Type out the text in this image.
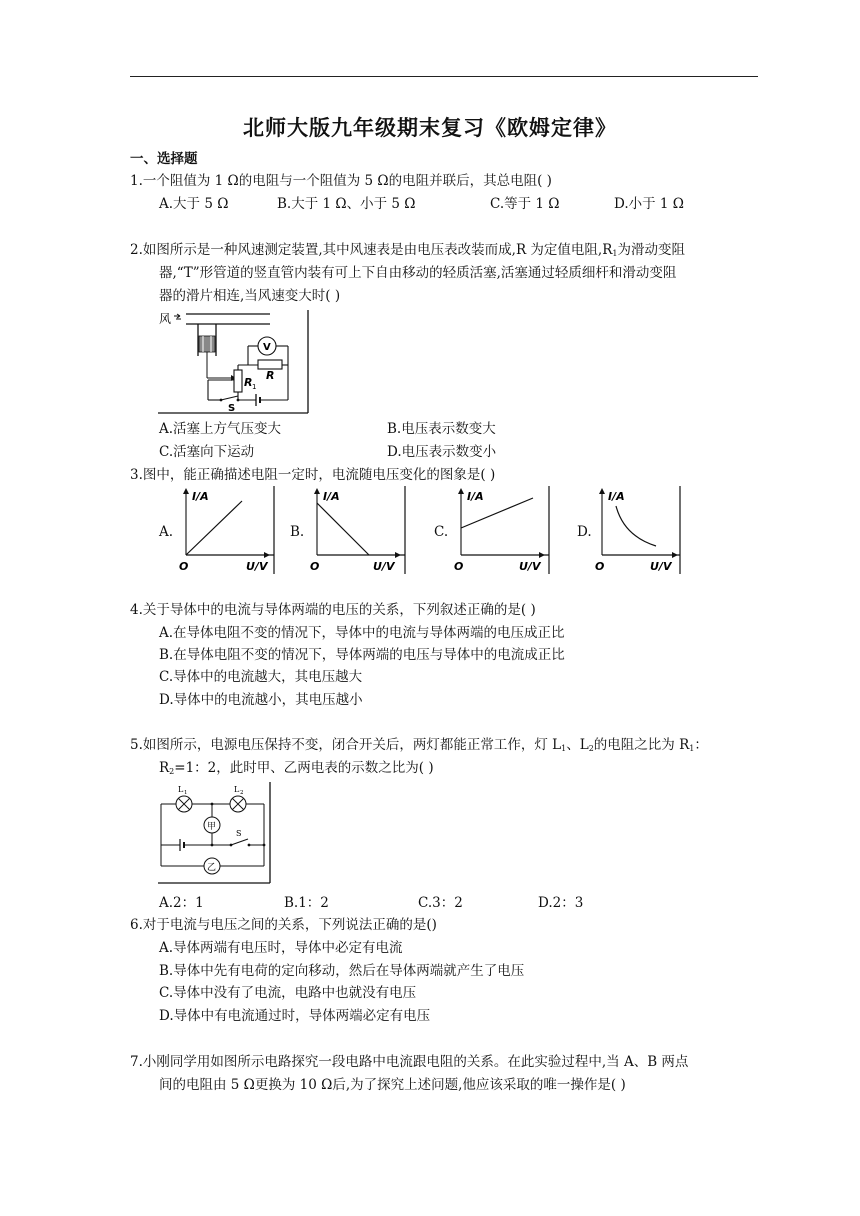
北师大版九年级期末复习《欧姆定律》
一、选择题
1.一个阻值为 1 Ω的电阻与一个阻值为 5 Ω的电阻并联后，其总电阻( )
A.大于 5 Ω	B.大于 1 Ω、小于 5 Ω	C.等于 1 Ω	D.小于 1 Ω
2.如图所示是一种风速测定装置,其中风速表是由电压表改装而成,R 为定值电阻$,R_1$为滑动变阻
器,“T”形管道的竖直管内装有可上下自由移动的轻质活塞,活塞通过轻质细杆和滑动变阻
器的滑片相连,当风速变大时( )
风
R 1
R
V
S
A.活塞上方气压变大	B.电压表示数变大
C.活塞向下运动	D.电压表示数变小
3.图中，能正确描述电阻一定时，电流随电压变化的图象是( )
A.	B.	C.	D.
I/A
U/V
O
I/A
U/V
O
I/A
U/V
O
I/A
U/V
O
4.关于导体中的电流与导体两端的电压的关系，下列叙述正确的是( )
A.在导体电阻不变的情况下，导体中的电流与导体两端的电压成正比
B.在导体电阻不变的情况下，导体两端的电压与导体中的电流成正比
C.导体中的电流越大，其电压越大
D.导体中的电流越小，其电压越小
5.如图所示，电源电压保持不变，闭合开关后，两灯都能正常工作，灯 $L_1$、$L_2$的电阻之比为 $R_1$：
$R_2=1$：2，此时甲、乙两电表的示数之比为( )
L 1	L 2
甲
S
乙
A.2：1	B.1：2	C.3：2	D.2：3
6.对于电流与电压之间的关系，下列说法正确的是()
A.导体两端有电压时，导体中必定有电流
B.导体中先有电荷的定向移动，然后在导体两端就产生了电压
C.导体中没有了电流，电路中也就没有电压
D.导体中有电流通过时，导体两端必定有电压
7.小刚同学用如图所示电路探究一段电路中电流跟电阻的关系。在此实验过程中,当 A、B 两点
间的电阻由 5 Ω更换为 10 Ω后,为了探究上述问题,他应该采取的唯一操作是( )
